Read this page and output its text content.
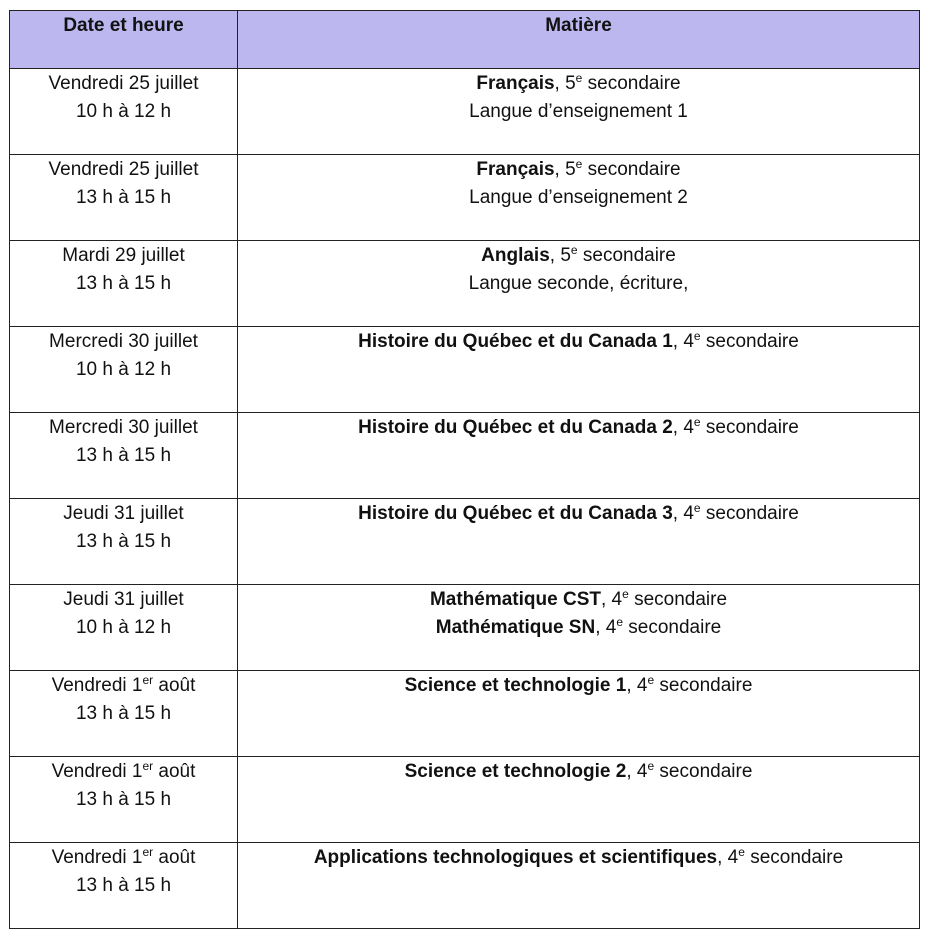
Date et heure	Matière

Vendredi 25 juillet
10 h à 12 h	Français, 5e secondaire
Langue d’enseignement 1

Vendredi 25 juillet
13 h à 15 h	Français, 5e secondaire
Langue d’enseignement 2

Mardi 29 juillet
13 h à 15 h	Anglais, 5e secondaire
Langue seconde, écriture,

Mercredi 30 juillet
10 h à 12 h	Histoire du Québec et du Canada 1, 4e secondaire

Mercredi 30 juillet
13 h à 15 h	Histoire du Québec et du Canada 2, 4e secondaire

Jeudi 31 juillet
13 h à 15 h	Histoire du Québec et du Canada 3, 4e secondaire

Jeudi 31 juillet
10 h à 12 h	Mathématique CST, 4e secondaire
Mathématique SN, 4e secondaire

Vendredi 1er août
13 h à 15 h	Science et technologie 1, 4e secondaire

Vendredi 1er août
13 h à 15 h	Science et technologie 2, 4e secondaire

Vendredi 1er août
13 h à 15 h	Applications technologiques et scientifiques, 4e secondaire
